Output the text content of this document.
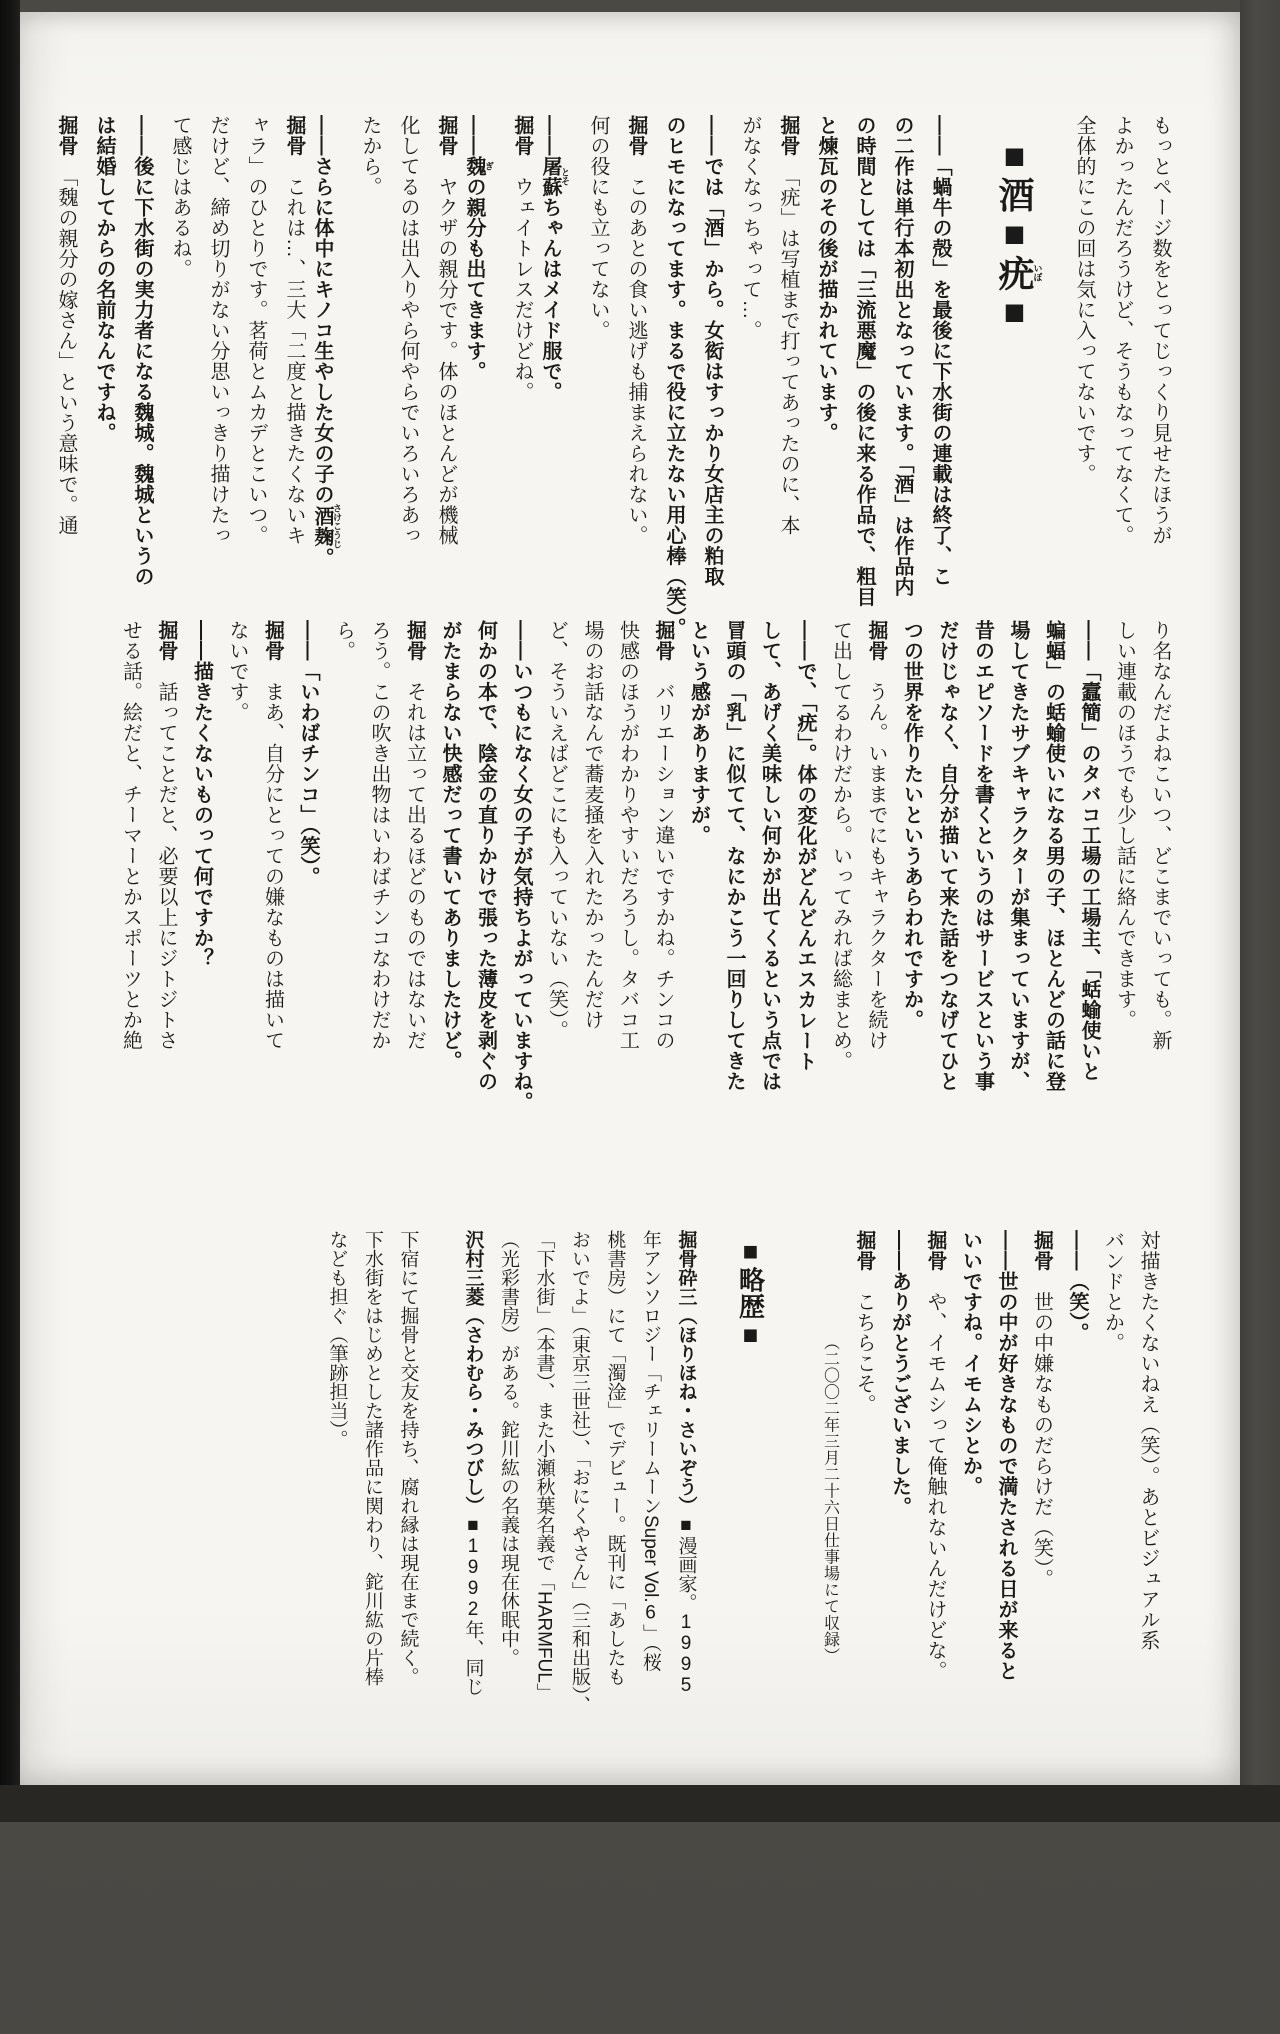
もっとページ数をとってじっくり見せたほうが
よかったんだろうけど、そうもなってなくて。
全体的にこの回は気に入ってないです。
■酒■疣いぼ■
――「蝸牛の殻」を最後に下水街の連載は終了、こ
の二作は単行本初出となっています。「酒」は作品内
の時間としては「三流悪魔」の後に来る作品で、粗目
と煉瓦のその後が描かれています。
掘骨　「疣」は写植まで打ってあったのに、本
がなくなっちゃって…。
――では「酒」から。女衒はすっかり女店主の粕取
のヒモになってます。まるで役に立たない用心棒（笑）。
掘骨　このあとの食い逃げも捕まえられない。
何の役にも立ってない。
――屠蘇 とそちゃんはメイド服で。
掘骨　ウェイトレスだけどね。
――魏 ぎの親分も出てきます。
掘骨　ヤクザの親分です。体のほとんどが機械
化してるのは出入りやら何やらでいろいろあっ
たから。
――さらに体中にキノコ生やした女の子の酒麹 さけこうじ。
掘骨　これは…、三大「二度と描きたくないキ
ャラ」のひとりです。茗荷とムカデとこいつ。
だけど、締め切りがない分思いっきり描けたっ
て感じはあるね。
――後に下水街の実力者になる魏城。魏城というの
は結婚してからの名前なんですね。
掘骨　「魏の親分の嫁さん」という意味で。通
り名なんだよねこいつ、どこまでいっても。新
しい連載のほうでも少し話に絡んできます。
――「蠧簡」のタバコ工場の工場主、「蛞蝓使いと
蝙蝠」の蛞蝓使いになる男の子、ほとんどの話に登
場してきたサブキャラクターが集まっていますが、
昔のエピソードを書くというのはサービスという事
だけじゃなく、自分が描いて来た話をつなげてひと
つの世界を作りたいというあらわれですか。
掘骨　うん。いままでにもキャラクターを続け
て出してるわけだから。いってみれば総まとめ。
――で、「疣」。体の変化がどんどんエスカレート
して、あげく美味しい何かが出てくるという点では
冒頭の「乳」に似てて、なにかこう一回りしてきた
という感がありますが。
掘骨　バリエーション違いですかね。チンコの
快感のほうがわかりやすいだろうし。タバコ工
場のお話なんで蕎麦掻を入れたかったんだけ
ど、そういえばどこにも入っていない（笑）。
――いつもになく女の子が気持ちよがっていますね。
何かの本で、陰金の直りかけで張った薄皮を剥ぐの
がたまらない快感だって書いてありましたけど。
掘骨　それは立って出るほどのものではないだ
ろう。この吹き出物はいわばチンコなわけだか
ら。
――「いわばチンコ」（笑）。
掘骨　まあ、自分にとっての嫌なものは描いて
ないです。
――描きたくないものって何ですか？
掘骨　話ってことだと、必要以上にジトジトさ
せる話。絵だと、チーマーとかスポーツとか絶
対描きたくないねえ（笑）。あとビジュアル系
バンドとか。
――（笑）。
掘骨　世の中嫌なものだらけだ（笑）。
――世の中が好きなもので満たされる日が来ると
いいですね。イモムシとか。
掘骨　や、イモムシって俺触れないんだけどな。
――ありがとうございました。
掘骨　こちらこそ。
（二〇〇二年三月二十六日仕事場にて収録）
■略歴■
掘骨砕三（ほりほね・さいぞう）■漫画家。1995
年アンソロジー「チェリームーンSuper Vol.6」（桜
桃書房）にて「濁淦」でデビュー。既刊に「あしたも
おいでよ」（東京三世社）、「おにくやさん」（三和出版）、
「下水街」（本書）、また小瀬秋葉名義で「HARMFUL」
（光彩書房）がある。鉈川紘の名義は現在休眠中。
沢村三菱（さわむら・みつびし）■1992年、同じ
下宿にて掘骨と交友を持ち、腐れ縁は現在まで続く。
下水街をはじめとした諸作品に関わり、鉈川紘の片棒
なども担ぐ（筆跡担当）。
